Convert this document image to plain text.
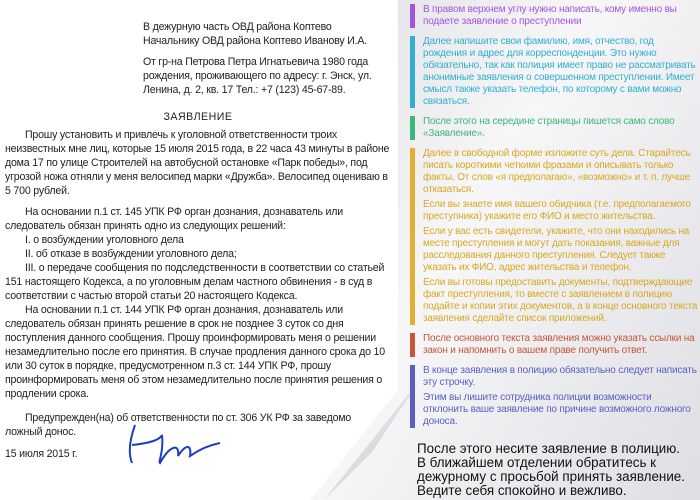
В дежурную часть ОВД района Коптево

Начальнику ОВД района Коптево Иванову И.А.

От гр-на Петрова Петра Игнатьевича 1980 года рождения, проживающего по адресу: г. Энск, ул. Ленина, д. 2, кв. 17 Тел.: +7 (123) 45-67-89.

ЗАЯВЛЕНИЕ

Прошу установить и привлечь к уголовной ответственности троих неизвестных мне лиц, которые 15 июля 2015 года, в 22 часа 43 минуты в районе дома 17 по улице Строителей на автобусной остановке «Парк победы», под угрозой ножа отняли у меня велосипед марки «Дружба». Велосипед оцениваю в 5 700 рублей.

На основании п.1 ст. 145 УПК РФ орган дознания, дознаватель или следователь обязан принять одно из следующих решений:

I. о возбуждении уголовного дела

II. об отказе в возбуждении уголовного дела;

III. о передаче сообщения по подследственности в соответствии со статьей 151 настоящего Кодекса, а по уголовным делам частного обвинения - в суд в соответствии с частью второй статьи 20 настоящего Кодекса.

На основании п.1 ст. 144 УПК РФ орган дознания, дознаватель или следователь обязан принять решение в срок не позднее 3 суток со дня поступления данного сообщения. Прошу проинформировать меня о решении незамедлительно после его принятия. В случае продления данного срока до 10 или 30 суток в порядке, предусмотренном п.3 ст. 144 УПК РФ, прошу проинформировать меня об этом незамедлительно после принятия решения о продлении срока.

Предупрежден(на) об ответственности по ст. 306 УК РФ за заведомо ложный донос.

15 июля 2015 г.

В правом верхнем углу нужно написать, кому именно вы подаете заявление о преступлении

Далее напишите свои фамилию, имя, отчество, год рождения и адрес для корреспонденции. Это нужно обязательно, так как полиция имеет право не рассматривать анонимные заявления о совершенном преступлении. Имеет смысл также указать телефон, по которому с вами можно связаться.

После этого на середине страницы пишется само слово «Заявление».

Далее в свободной форме изложите суть дела. Старайтесь писать короткими четкими фразами и описывать только факты. От слов «я предполагаю», «возможно» и т. п. лучше отказаться.

Если вы знаете имя вашего обидчика (т.е. предполагаемого преступника) укажите его ФИО и место жительства.

Если у вас есть свидетели, укажите, что они находились на месте преступления и могут дать показания, важные для расследования данного преступления. Следует также указать их ФИО, адрес жительства и телефон.

Если вы готовы предоставить документы, подтверждающие факт преступления, то вместе с заявлением в полицию подайте и копии этих документов, а в конце основного текста заявления сделайте список приложений.

После основного текста заявления можно указать ссылки на закон и напомнить о вашем праве получить ответ.

В конце заявления в полицию обязательно следует написать эту строчку.

Этим вы лишите сотрудника полиции возможности отклонить ваше заявление по причине возможного ложного доноса.

После этого несите заявление в полицию.
В ближайшем отделении обратитесь к
дежурному с просьбой принять заявление.
Ведите себя спокойно и вежливо.
